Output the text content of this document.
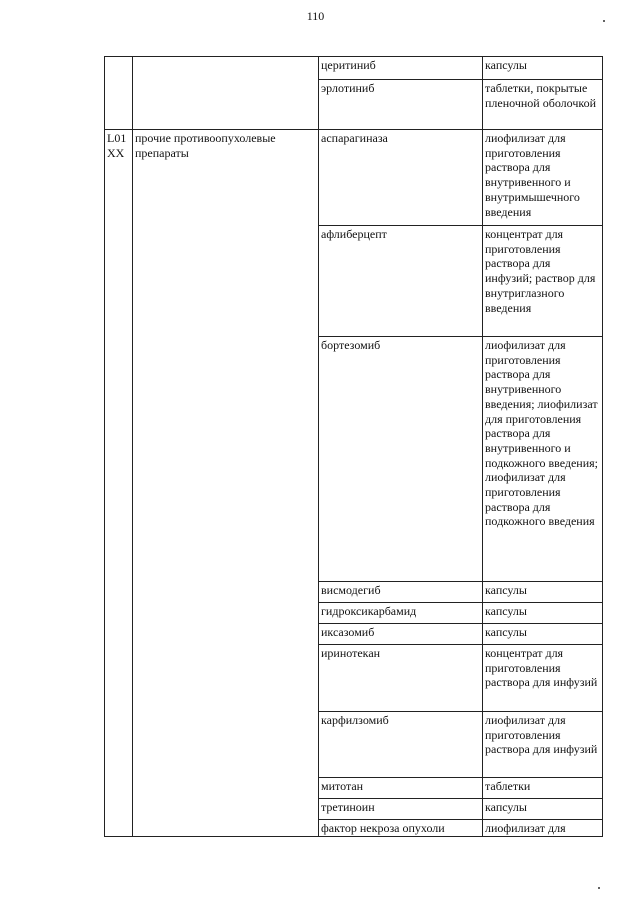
110
		церитиниб	капсулы
		эрлотиниб	таблетки, покрытые пленочной оболочкой
L01XX	прочие противоопухолевые препараты	аспарагиназа	лиофилизат для приготовления раствора для внутривенного и внутримышечного введения
		афлиберцепт	концентрат для приготовления раствора для инфузий; раствор для внутриглазного введения
		бортезомиб	лиофилизат для приготовления раствора для внутривенного введения; лиофилизат для приготовления раствора для внутривенного и подкожного введения; лиофилизат для приготовления раствора для подкожного введения
		висмодегиб	капсулы
		гидроксикарбамид	капсулы
		иксазомиб	капсулы
		иринотекан	концентрат для приготовления раствора для инфузий
		карфилзомиб	лиофилизат для приготовления раствора для инфузий
		митотан	таблетки
		третиноин	капсулы
		фактор некроза опухоли	лиофилизат для
